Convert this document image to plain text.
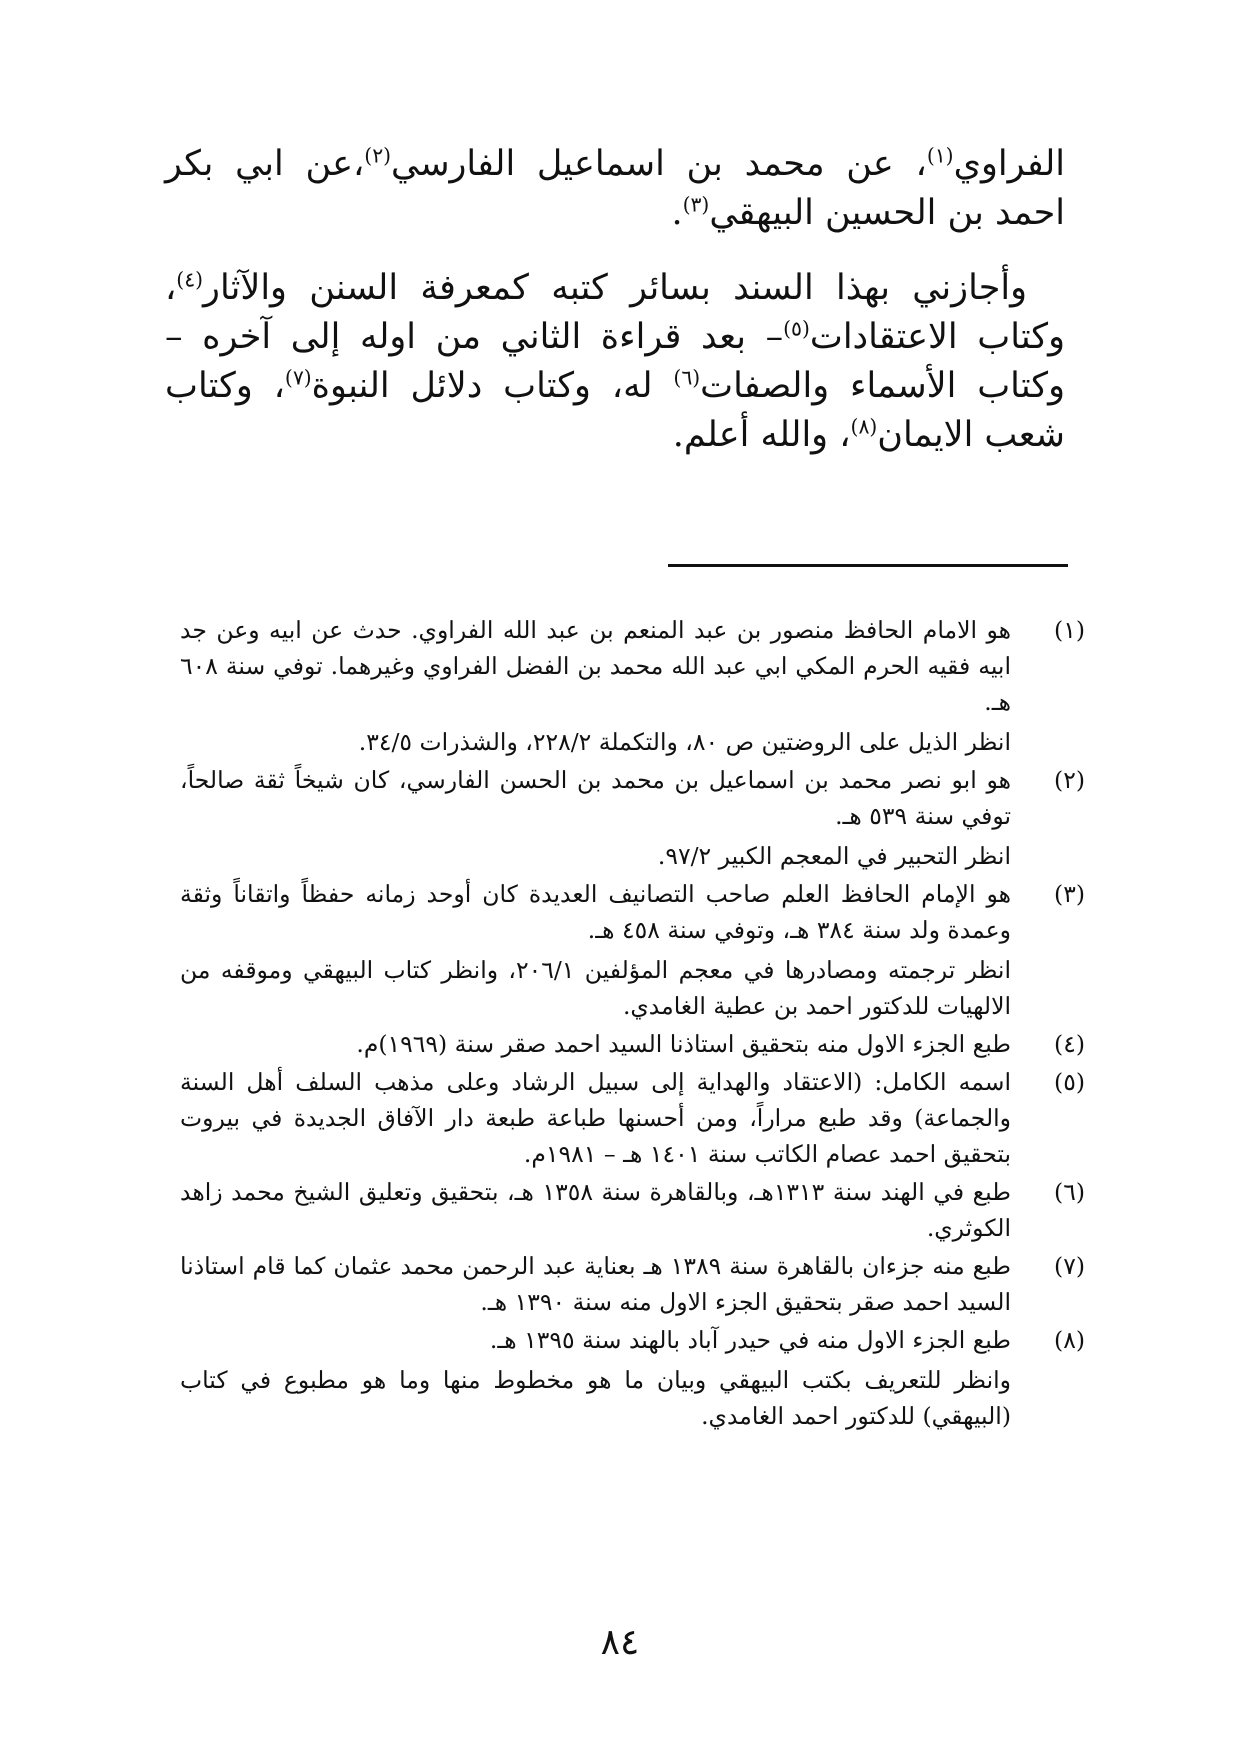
الفراوي$^{(١)}$، عن محمد بن اسماعيل الفارسي$^{(٢)}$،عن ابي بكر احمد بن الحسين البيهقي$^{(٣)}$.

وأجازني بهذا السند بسائر كتبه كمعرفة السنن والآثار$^{(٤)}$، وكتاب الاعتقادات$^{(٥)}$– بعد قراءة الثاني من اوله إلى آخره – وكتاب الأسماء والصفات$^{(٦)}$ له، وكتاب دلائل النبوة$^{(٧)}$، وكتاب شعب الايمان$^{(٨)}$، والله أعلم.

(١)

هو الامام الحافظ منصور بن عبد المنعم بن عبد الله الفراوي. حدث عن ابيه وعن جد ابيه فقيه الحرم المكي ابي عبد الله محمد بن الفضل الفراوي وغيرهما. توفي سنة ٦٠٨ هـ.

انظر الذيل على الروضتين ص ٨٠، والتكملة ٢٢٨/٢، والشذرات ٣٤/٥.

(٢)

هو ابو نصر محمد بن اسماعيل بن محمد بن الحسن الفارسي، كان شيخاً ثقة صالحاً، توفي سنة ٥٣٩ هـ.

انظر التحبير في المعجم الكبير ٩٧/٢.

(٣)

هو الإمام الحافظ العلم صاحب التصانيف العديدة كان أوحد زمانه حفظاً واتقاناً وثقة وعمدة ولد سنة ٣٨٤ هـ، وتوفي سنة ٤٥٨ هـ.

انظر ترجمته ومصادرها في معجم المؤلفين ٢٠٦/١، وانظر كتاب البيهقي وموقفه من الالهيات للدكتور احمد بن عطية الغامدي.

(٤)

طبع الجزء الاول منه بتحقيق استاذنا السيد احمد صقر سنة (١٩٦٩)م.

(٥)

اسمه الكامل: (الاعتقاد والهداية إلى سبيل الرشاد وعلى مذهب السلف أهل السنة والجماعة) وقد طبع مراراً، ومن أحسنها طباعة طبعة دار الآفاق الجديدة في بيروت بتحقيق احمد عصام الكاتب سنة ١٤٠١ هـ – ١٩٨١م.

(٦)

طبع في الهند سنة ١٣١٣هـ، وبالقاهرة سنة ١٣٥٨ هـ، بتحقيق وتعليق الشيخ محمد زاهد الكوثري.

(٧)

طبع منه جزءان بالقاهرة سنة ١٣٨٩ هـ بعناية عبد الرحمن محمد عثمان كما قام استاذنا السيد احمد صقر بتحقيق الجزء الاول منه سنة ١٣٩٠ هـ.

(٨)

طبع الجزء الاول منه في حيدر آباد بالهند سنة ١٣٩٥ هـ.

وانظر للتعريف بكتب البيهقي وبيان ما هو مخطوط منها وما هو مطبوع في كتاب (البيهقي) للدكتور احمد الغامدي.

٨٤
